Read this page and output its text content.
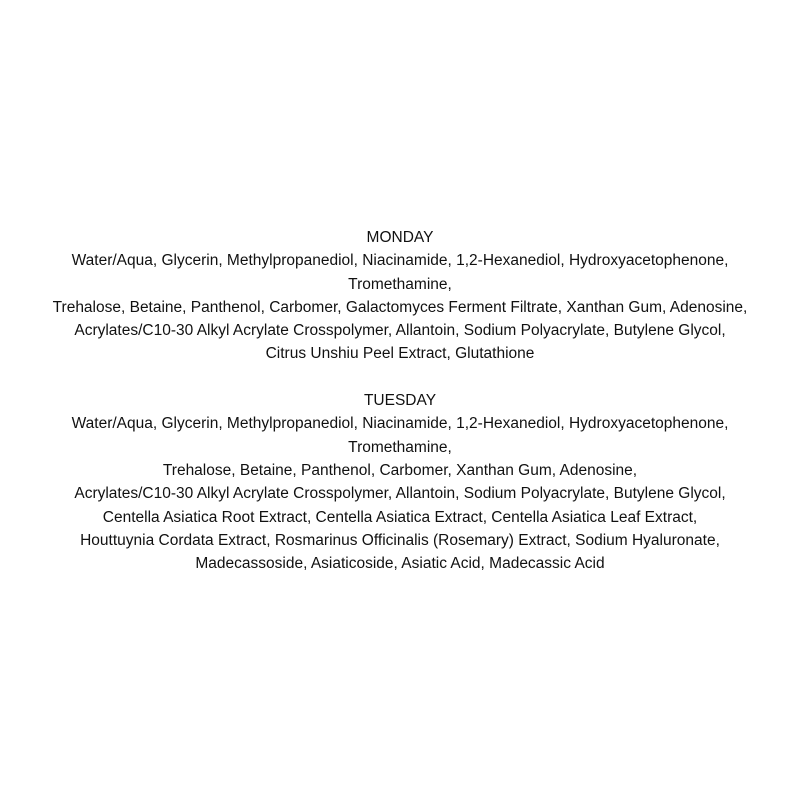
MONDAY
Water/Aqua, Glycerin, Methylpropanediol, Niacinamide, 1,2-Hexanediol, Hydroxyacetophenone,
Tromethamine,
Trehalose, Betaine, Panthenol, Carbomer, Galactomyces Ferment Filtrate, Xanthan Gum, Adenosine,
Acrylates/C10-30 Alkyl Acrylate Crosspolymer, Allantoin, Sodium Polyacrylate, Butylene Glycol,
Citrus Unshiu Peel Extract, Glutathione
TUESDAY
Water/Aqua, Glycerin, Methylpropanediol, Niacinamide, 1,2-Hexanediol, Hydroxyacetophenone,
Tromethamine,
Trehalose, Betaine, Panthenol, Carbomer, Xanthan Gum, Adenosine,
Acrylates/C10-30 Alkyl Acrylate Crosspolymer, Allantoin, Sodium Polyacrylate, Butylene Glycol,
Centella Asiatica Root Extract, Centella Asiatica Extract, Centella Asiatica Leaf Extract,
Houttuynia Cordata Extract, Rosmarinus Officinalis (Rosemary) Extract, Sodium Hyaluronate,
Madecassoside, Asiaticoside, Asiatic Acid, Madecassic Acid
